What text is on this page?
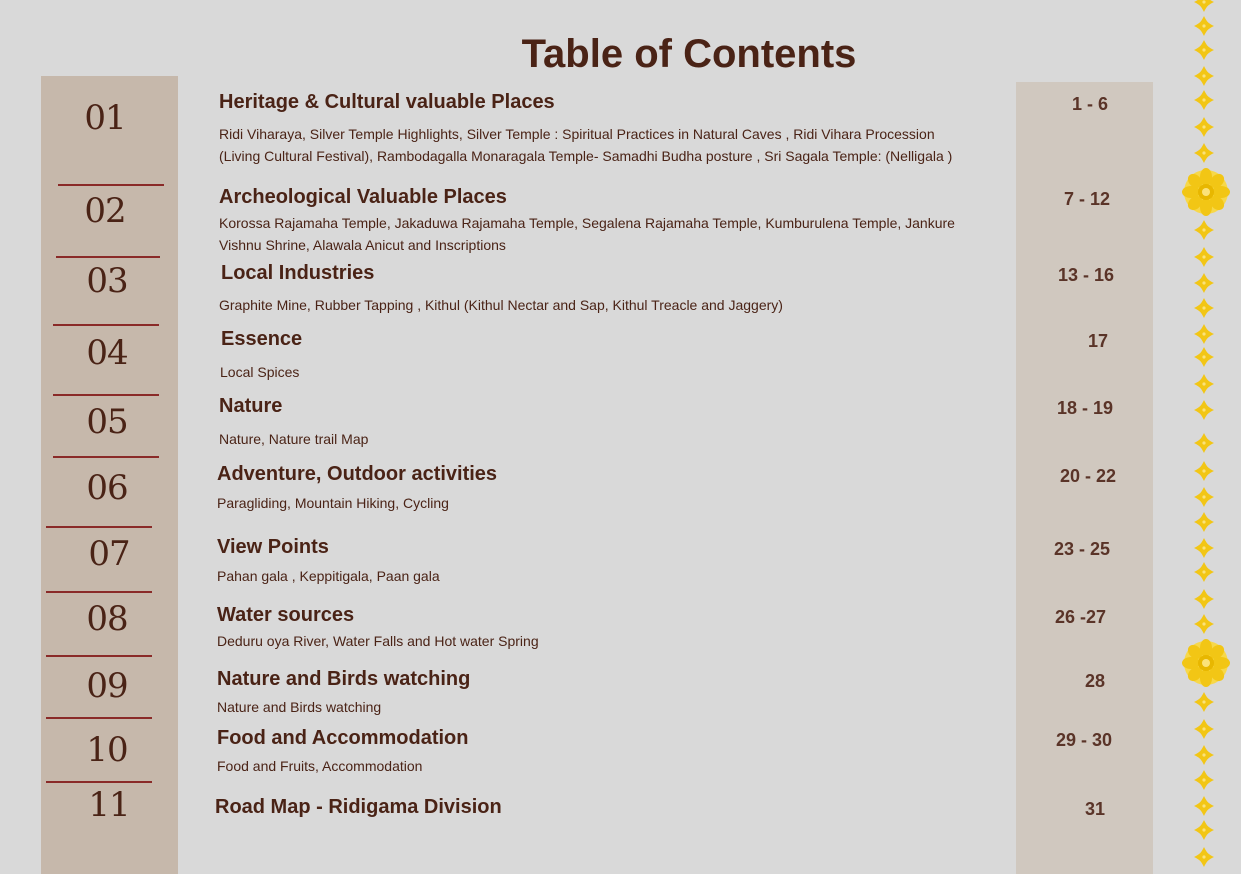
Table of Contents
01
02
03
04
05
06
07
08
09
10
11
Heritage & Cultural valuable Places
Archeological Valuable Places
Local Industries
Essence
Nature
Adventure, Outdoor activities
View Points
Water sources
Nature and Birds watching
Food and Accommodation
Road Map - Ridigama Division
Ridi Viharaya, Silver Temple Highlights, Silver Temple : Spiritual Practices in Natural Caves , Ridi Vihara Procession (Living Cultural Festival), Rambodagalla Monaragala Temple- Samadhi Budha posture , Sri Sagala Temple: (Nelligala )
Korossa Rajamaha Temple, Jakaduwa Rajamaha Temple, Segalena Rajamaha Temple, Kumburulena Temple, Jankure Vishnu Shrine, Alawala Anicut and Inscriptions
Graphite Mine, Rubber Tapping , Kithul (Kithul Nectar and Sap, Kithul Treacle and Jaggery)
Local Spices
Nature, Nature trail Map
Paragliding, Mountain Hiking, Cycling
Pahan gala , Keppitigala, Paan gala
Deduru oya River, Water Falls and Hot water Spring
Nature and Birds watching
Food and Fruits, Accommodation
1 - 6
7 - 12
13 - 16
17
18 - 19
20 - 22
23 - 25
26 -27
28
29 - 30
31
